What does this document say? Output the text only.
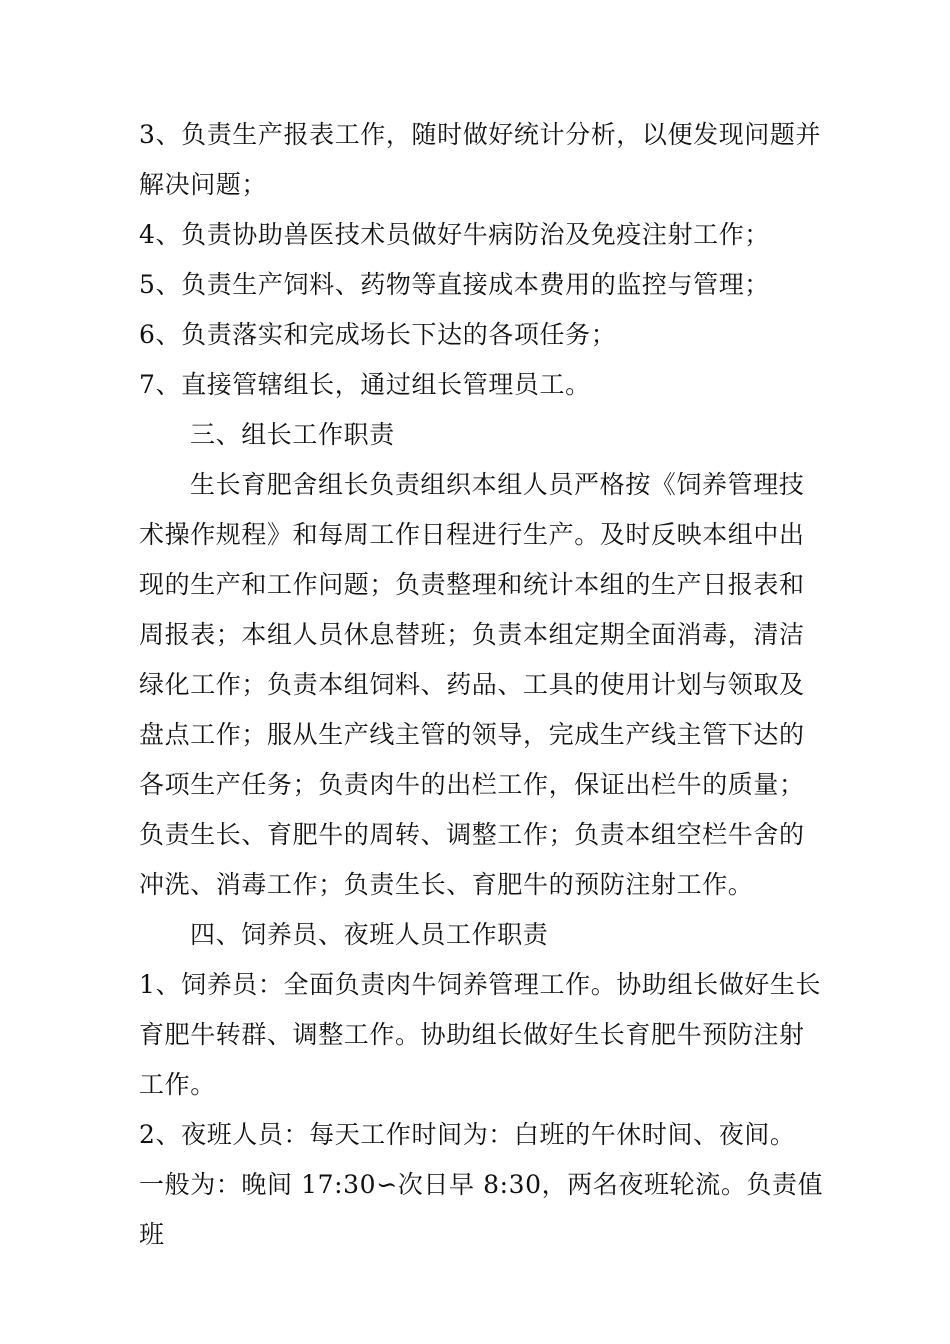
3、负责生产报表工作，随时做好统计分析，以便发现问题并解决问题；

4、负责协助兽医技术员做好牛病防治及免疫注射工作；

5、负责生产饲料、药物等直接成本费用的监控与管理；

6、负责落实和完成场长下达的各项任务；

7、直接管辖组长，通过组长管理员工。

三、组长工作职责

生长育肥舍组长负责组织本组人员严格按《饲养管理技术操作规程》和每周工作日程进行生产。及时反映本组中出现的生产和工作问题；负责整理和统计本组的生产日报表和周报表；本组人员休息替班；负责本组定期全面消毒，清洁绿化工作；负责本组饲料、药品、工具的使用计划与领取及盘点工作；服从生产线主管的领导，完成生产线主管下达的各项生产任务；负责肉牛的出栏工作，保证出栏牛的质量；负责生长、育肥牛的周转、调整工作；负责本组空栏牛舍的冲洗、消毒工作；负责生长、育肥牛的预防注射工作。

四、饲养员、夜班人员工作职责

1、饲养员：全面负责肉牛饲养管理工作。协助组长做好生长育肥牛转群、调整工作。协助组长做好生长育肥牛预防注射工作。

2、夜班人员：每天工作时间为：白班的午休时间、夜间。

一般为：晚间 17:30∽次日早 8:30，两名夜班轮流。负责值班
